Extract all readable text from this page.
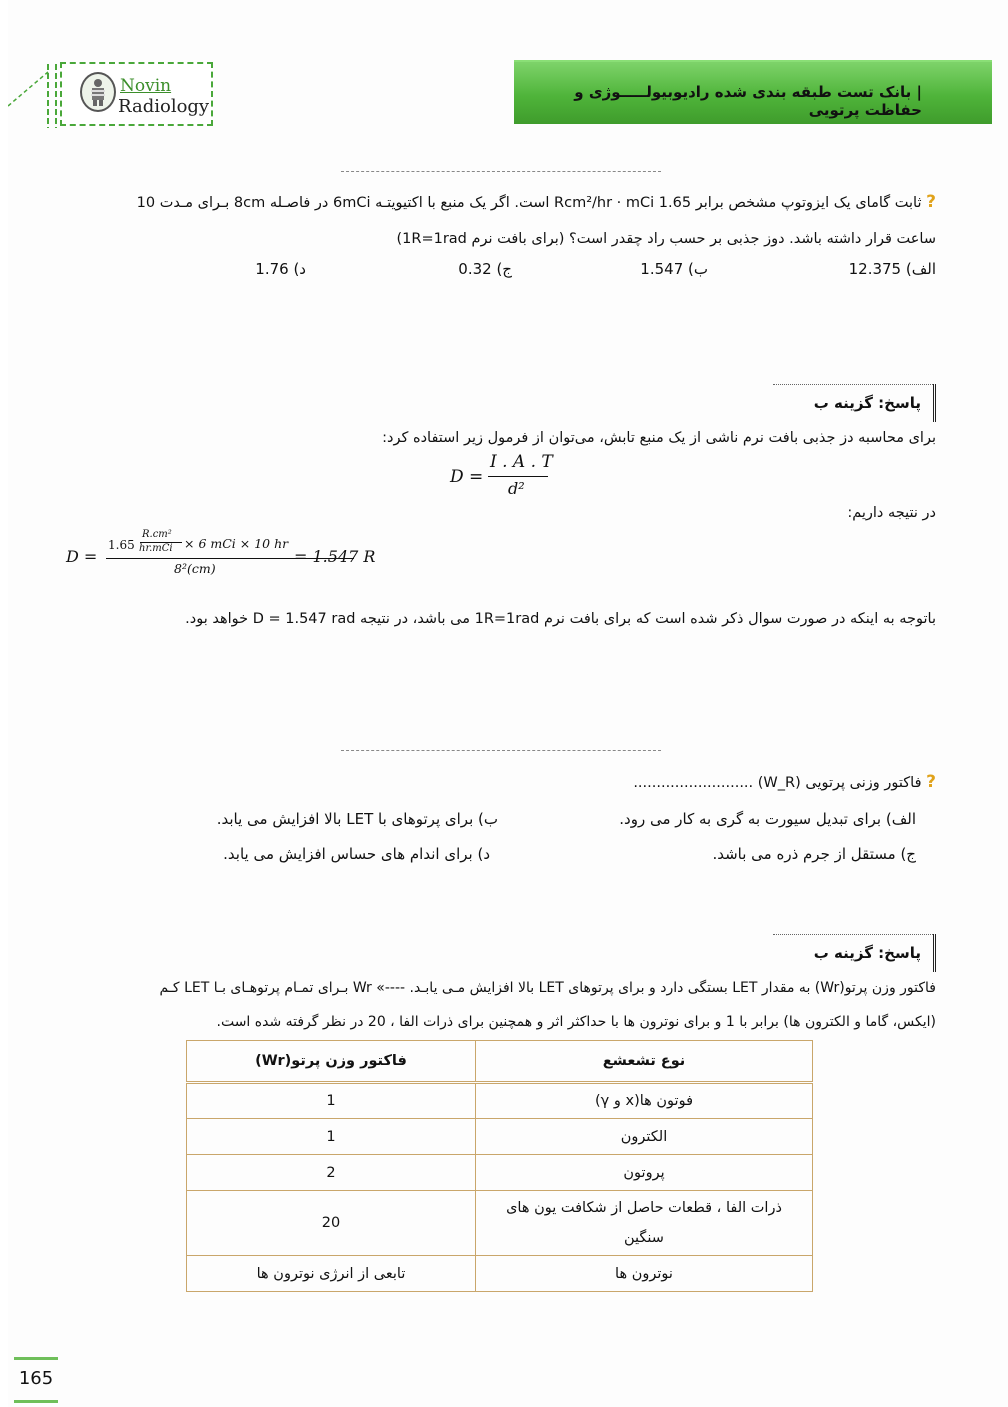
Novin
Radiology
| بانک تست طبقه بندی شده رادیوبیولـــــوژی و حفاظت پرتویی
? ثابت گامای یک ایزوتوپ مشخص برابر 1.65 Rcm²/hr · mCi است. اگر یک منبع با اکتیویتـه 6mCi در فاصـله 8cm بـرای مـدت 10
ساعت قرار داشته باشد. دوز جذبی بر حسب راد چقدر است؟ (برای بافت نرم 1R=1rad)
الف) 12.375
ب) 1.547
ج) 0.32
د) 1.76
پاسخ: گزینه ب
برای محاسبه دز جذبی بافت نرم ناشی از یک منبع تابش، می‌توان از فرمول زیر استفاده کرد:
D =
I . A . T
d²
در نتیجه داریم:
D =
1.65
R.cm²
hr.mCi × 6 mCi × 10 hr
8²(cm)
= 1.547 R
باتوجه به اینکه در صورت سوال ذکر شده است که برای بافت نرم 1R=1rad می باشد، در نتیجه D = 1.547 rad خواهد بود.
? فاکتور وزنی پرتویی (W_R) ..........................
الف) برای تبدیل سیورت به گری به کار می رود.
ب) برای پرتوهای با LET بالا افزایش می یابد.
ج) مستقل از جرم ذره می باشد.
د) برای اندام های حساس افزایش می یابد.
پاسخ: گزینه ب
فاکتور وزن پرتو(Wr) به مقدار LET بستگی دارد و برای پرتوهای LET بالا افزایش مـی یابـد. ----» Wr بـرای تمـام پرتوهـای بـا LET کـم
(ایکس، گاما و الکترون ها) برابر با 1 و برای نوترون ها با حداکثر اثر و همچنین برای ذرات الفا ، 20 در نظر گرفته شده است.
نوع تشعشع	فاکتور وزن پرتو(Wr)
فوتون ها(x و γ)	1
الکترون	1
پروتون	2
ذرات الفا ، قطعات حاصل از شکافت یون های سنگین	20
نوترون ها	تابعی از انرژی نوترون ها
165
